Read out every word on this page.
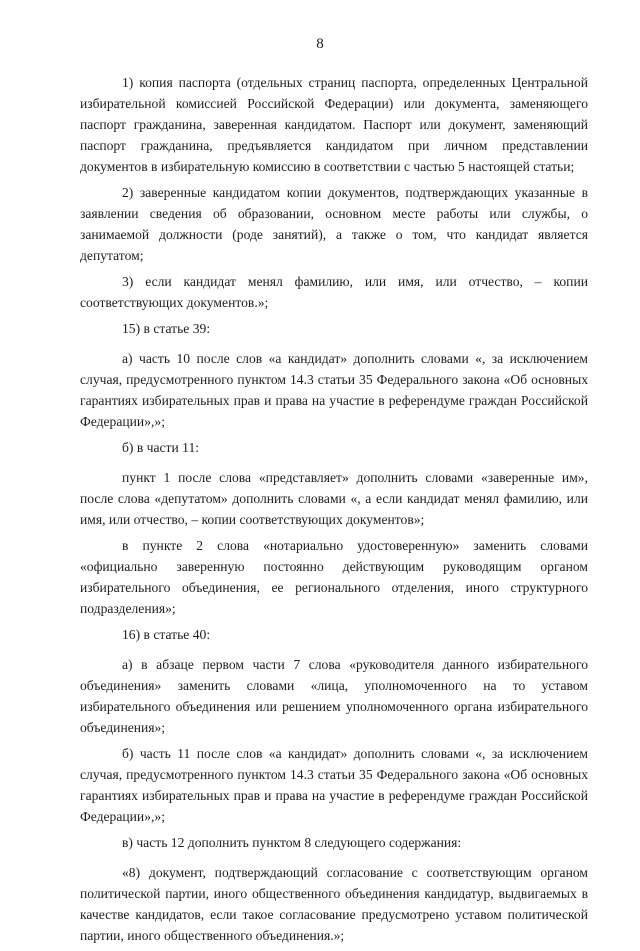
8

1) копия паспорта (отдельных страниц паспорта, определенных Центральной избирательной комиссией Российской Федерации) или документа, заменяющего паспорт гражданина, заверенная кандидатом. Паспорт или документ, заменяющий паспорт гражданина, предъявляется кандидатом при личном представлении документов в избирательную комиссию в соответствии с частью 5 настоящей статьи;

2) заверенные кандидатом копии документов, подтверждающих указанные в заявлении сведения об образовании, основном месте работы или службы, о занимаемой должности (роде занятий), а также о том, что кандидат является депутатом;

3) если кандидат менял фамилию, или имя, или отчество, – копии соответствующих документов.»;

15) в статье 39:

а) часть 10 после слов «а кандидат» дополнить словами «, за исключением случая, предусмотренного пунктом 14.3 статьи 35 Федерального закона «Об основных гарантиях избирательных прав и права на участие в референдуме граждан Российской Федерации»,»;

б) в части 11:

пункт 1 после слова «представляет» дополнить словами «заверенные им», после слова «депутатом» дополнить словами «, а если кандидат менял фамилию, или имя, или отчество, – копии соответствующих документов»;

в пункте 2 слова «нотариально удостоверенную» заменить словами «официально заверенную постоянно действующим руководящим органом избирательного объединения, ее регионального отделения, иного структурного подразделения»;

16) в статье 40:

а) в абзаце первом части 7 слова «руководителя данного избирательного объединения» заменить словами «лица, уполномоченного на то уставом избирательного объединения или решением уполномоченного органа избирательного объединения»;

б) часть 11 после слов «а кандидат» дополнить словами «, за исключением случая, предусмотренного пунктом 14.3 статьи 35 Федерального закона «Об основных гарантиях избирательных прав и права на участие в референдуме граждан Российской Федерации»,»;

в) часть 12 дополнить пунктом 8 следующего содержания:

«8) документ, подтверждающий согласование с соответствующим органом политической партии, иного общественного объединения кандидатур, выдвигаемых в качестве кандидатов, если такое согласование предусмотрено уставом политической партии, иного общественного объединения.»;
